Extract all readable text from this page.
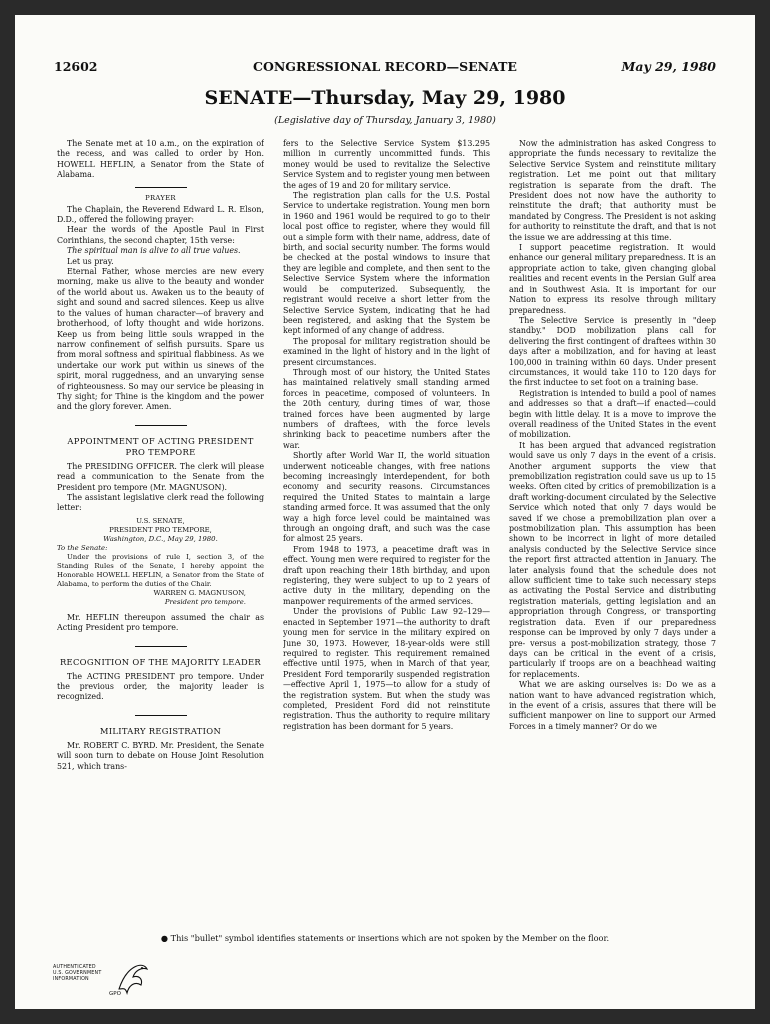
12602	CONGRESSIONAL RECORD—SENATE	May 29, 1980
SENATE—Thursday, May 29, 1980
(Legislative day of Thursday, January 3, 1980)

The Senate met at 10 a.m., on the expiration of the recess, and was called to order by Hon. HOWELL HEFLIN, a Senator from the State of Alabama.

PRAYER

The Chaplain, the Reverend Edward L. R. Elson, D.D., offered the following prayer:

Hear the words of the Apostle Paul in First Corinthians, the second chapter, 15th verse:

The spiritual man is alive to all true values.

Let us pray.

Eternal Father, whose mercies are new every morning, make us alive to the beauty and wonder of the world about us. Awaken us to the beauty of sight and sound and sacred silences. Keep us alive to the values of human character—of bravery and brotherhood, of lofty thought and wide horizons. Keep us from being little souls wrapped in the narrow confinement of selfish pursuits. Spare us from moral softness and spiritual flabbiness. As we undertake our work put within us sinews of the spirit, moral ruggedness, and an unvarying sense of righteousness. So may our service be pleasing in Thy sight; for Thine is the kingdom and the power and the glory forever. Amen.

APPOINTMENT OF ACTING PRESIDENT PRO TEMPORE

The PRESIDING OFFICER. The clerk will please read a communication to the Senate from the President pro tempore (Mr. MAGNUSON).

The assistant legislative clerk read the following letter:

U.S. SENATE,
PRESIDENT PRO TEMPORE,
Washington, D.C., May 29, 1980.
To the Senate:

Under the provisions of rule I, section 3, of the Standing Rules of the Senate, I hereby appoint the Honorable HOWELL HEFLIN, a Senator from the State of Alabama, to perform the duties of the Chair.

WARREN G. MAGNUSON,
President pro tempore.

Mr. HEFLIN thereupon assumed the chair as Acting President pro tempore.

RECOGNITION OF THE MAJORITY LEADER

The ACTING PRESIDENT pro tempore. Under the previous order, the majority leader is recognized.

MILITARY REGISTRATION

Mr. ROBERT C. BYRD. Mr. President, the Senate will soon turn to debate on House Joint Resolution 521, which trans-

fers to the Selective Service System $13.295 million in currently uncommitted funds. This money would be used to revitalize the Selective Service System and to register young men between the ages of 19 and 20 for military service.

The registration plan calls for the U.S. Postal Service to undertake registration. Young men born in 1960 and 1961 would be required to go to their local post office to register, where they would fill out a simple form with their name, address, date of birth, and social security number. The forms would be checked at the postal windows to insure that they are legible and complete, and then sent to the Selective Service System where the information would be computerized. Subsequently, the registrant would receive a short letter from the Selective Service System, indicating that he had been registered, and asking that the System be kept informed of any change of address.

The proposal for military registration should be examined in the light of history and in the light of present circumstances.

Through most of our history, the United States has maintained relatively small standing armed forces in peacetime, composed of volunteers. In the 20th century, during times of war, those trained forces have been augmented by large numbers of draftees, with the force levels shrinking back to peacetime numbers after the war.

Shortly after World War II, the world situation underwent noticeable changes, with free nations becoming increasingly interdependent, for both economy and security reasons. Circumstances required the United States to maintain a large standing armed force. It was assumed that the only way a high force level could be maintained was through an ongoing draft, and such was the case for almost 25 years.

From 1948 to 1973, a peacetime draft was in effect. Young men were required to register for the draft upon reaching their 18th birthday, and upon registering, they were subject to up to 2 years of active duty in the military, depending on the manpower requirements of the armed services.

Under the provisions of Public Law 92–129—enacted in September 1971—the authority to draft young men for service in the military expired on June 30, 1973. However, 18-year-olds were still required to register. This requirement remained effective until 1975, when in March of that year, President Ford temporarily suspended registration—effective April 1, 1975—to allow for a study of the registration system. But when the study was completed, President Ford did not reinstitute registration. Thus the authority to require military registration has been dormant for 5 years.

Now the administration has asked Congress to appropriate the funds necessary to revitalize the Selective Service System and reinstitute military registration. Let me point out that military registration is separate from the draft. The President does not now have the authority to reinstitute the draft; that authority must be mandated by Congress. The President is not asking for authority to reinstitute the draft, and that is not the issue we are addressing at this time.

I support peacetime registration. It would enhance our general military preparedness. It is an appropriate action to take, given changing global realities and recent events in the Persian Gulf area and in Southwest Asia. It is important for our Nation to express its resolve through military preparedness.

The Selective Service is presently in "deep standby." DOD mobilization plans call for delivering the first contingent of draftees within 30 days after a mobilization, and for having at least 100,000 in training within 60 days. Under present circumstances, it would take 110 to 120 days for the first inductee to set foot on a training base.

Registration is intended to build a pool of names and addresses so that a draft—if enacted—could begin with little delay. It is a move to improve the overall readiness of the United States in the event of mobilization.

It has been argued that advanced registration would save us only 7 days in the event of a crisis. Another argument supports the view that premobilization registration could save us up to 15 weeks. Often cited by critics of premobilization is a draft working-document circulated by the Selective Service which noted that only 7 days would be saved if we chose a premobilization plan over a postmobilization plan. This assumption has been shown to be incorrect in light of more detailed analysis conducted by the Selective Service since the report first attracted attention in January. The later analysis found that the schedule does not allow sufficient time to take such necessary steps as activating the Postal Service and distributing registration materials, getting legislation and an appropriation through Congress, or transporting registration data. Even if our preparedness response can be improved by only 7 days under a pre- versus a post-mobilization strategy, those 7 days can be critical in the event of a crisis, particularly if troops are on a beachhead waiting for replacements.

What we are asking ourselves is: Do we as a nation want to have advanced registration which, in the event of a crisis, assures that there will be sufficient manpower on line to support our Armed Forces in a timely manner? Or do we

● This "bullet" symbol identifies statements or insertions which are not spoken by the Member on the floor.
AUTHENTICATED
U.S. GOVERNMENT
INFORMATION
GPO
